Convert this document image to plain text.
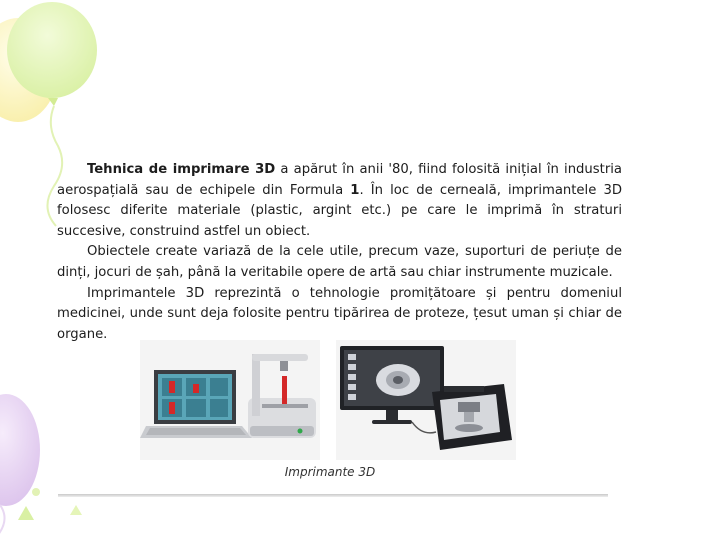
Tehnica de imprimare 3D a apărut în anii '80, fiind folosită inițial în industria aerospațială sau de echipele din Formula 1. În loc de cerneală, imprimantele 3D folosesc diferite materiale (plastic, argint etc.) pe care le imprimă în straturi succesive, construind astfel un obiect.

Obiectele create variază de la cele utile, precum vaze, suporturi de periuțe de dinți, jocuri de șah, până la veritabile opere de artă sau chiar instrumente muzicale.

Imprimantele 3D reprezintă o tehnologie promițătoare și pentru domeniul medicinei, unde sunt deja folosite pentru tipărirea de proteze, țesut uman și chiar de organe.

Imprimante 3D
